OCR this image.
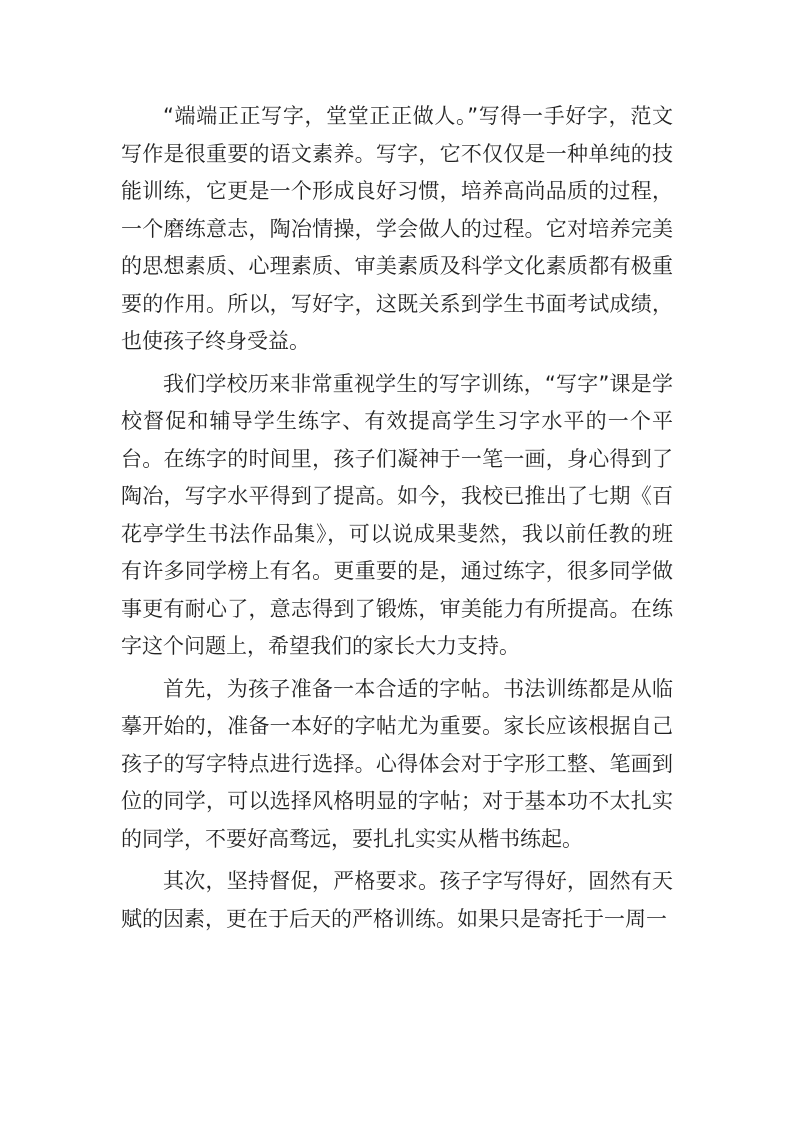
“端端正正写字，堂堂正正做人。”写得一手好字，范文写作是很重要的语文素养。写字，它不仅仅是一种单纯的技能训练，它更是一个形成良好习惯，培养高尚品质的过程，一个磨练意志，陶冶情操，学会做人的过程。它对培养完美的思想素质、心理素质、审美素质及科学文化素质都有极重要的作用。所以，写好字，这既关系到学生书面考试成绩，也使孩子终身受益。

我们学校历来非常重视学生的写字训练，“写字”课是学校督促和辅导学生练字、有效提高学生习字水平的一个平台。在练字的时间里，孩子们凝神于一笔一画，身心得到了陶冶，写字水平得到了提高。如今，我校已推出了七期《百花亭学生书法作品集》，可以说成果斐然，我以前任教的班有许多同学榜上有名。更重要的是，通过练字，很多同学做事更有耐心了，意志得到了锻炼，审美能力有所提高。在练字这个问题上，希望我们的家长大力支持。

首先，为孩子准备一本合适的字帖。书法训练都是从临摹开始的，准备一本好的字帖尤为重要。家长应该根据自己孩子的写字特点进行选择。心得体会对于字形工整、笔画到位的同学，可以选择风格明显的字帖；对于基本功不太扎实的同学，不要好高骛远，要扎扎实实从楷书练起。

其次，坚持督促，严格要求。孩子字写得好，固然有天赋的因素，更在于后天的严格训练。如果只是寄托于一周一
